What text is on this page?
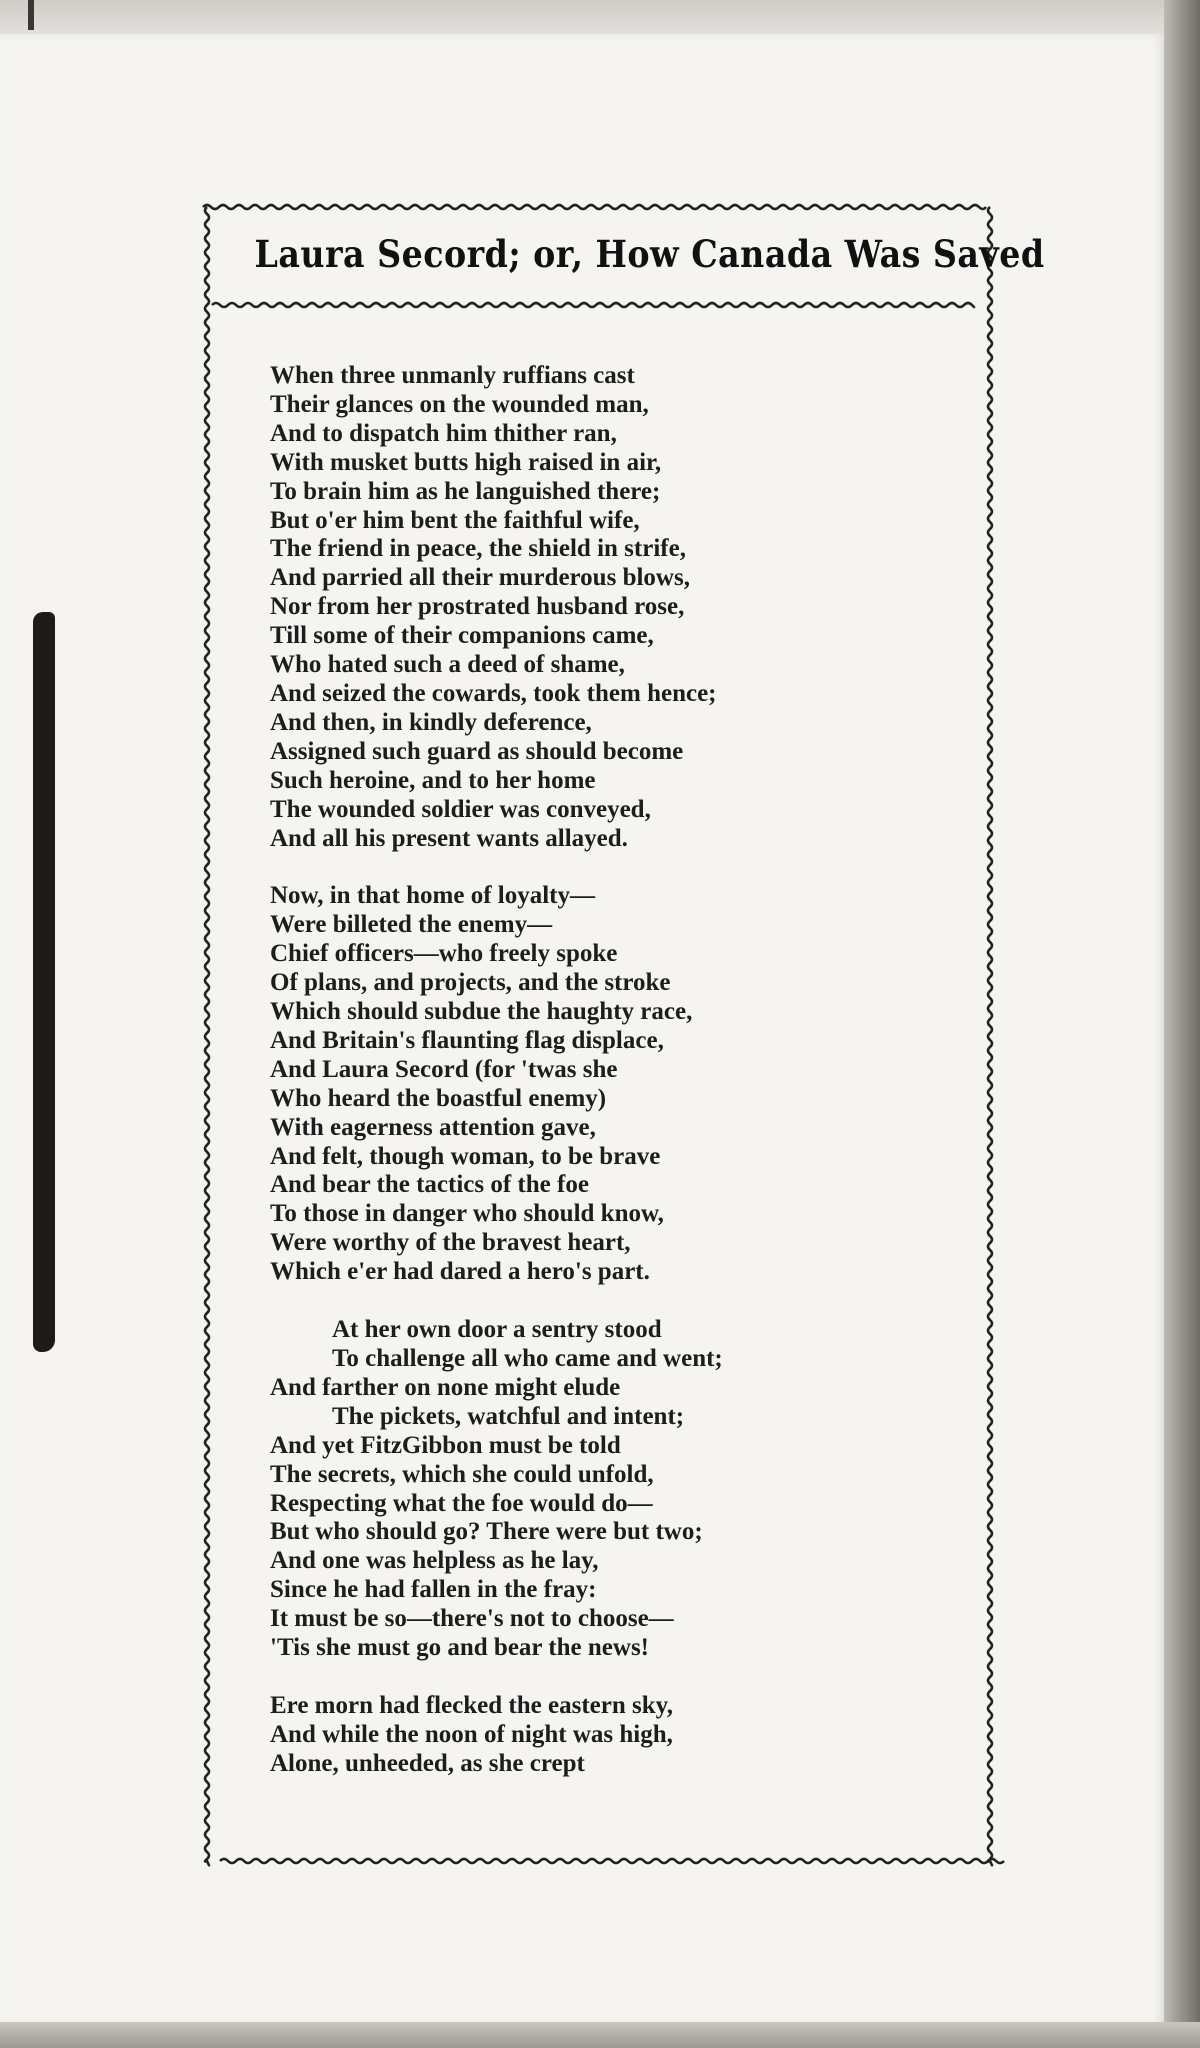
Laura Secord; or, How Canada Was Saved
When three unmanly ruffians cast
Their glances on the wounded man,
And to dispatch him thither ran,
With musket butts high raised in air,
To brain him as he languished there;
But o'er him bent the faithful wife,
The friend in peace, the shield in strife,
And parried all their murderous blows,
Nor from her prostrated husband rose,
Till some of their companions came,
Who hated such a deed of shame,
And seized the cowards, took them hence;
And then, in kindly deference,
Assigned such guard as should become
Such heroine, and to her home
The wounded soldier was conveyed,
And all his present wants allayed.
Now, in that home of loyalty—
Were billeted the enemy—
Chief officers—who freely spoke
Of plans, and projects, and the stroke
Which should subdue the haughty race,
And Britain's flaunting flag displace,
And Laura Secord (for 'twas she
Who heard the boastful enemy)
With eagerness attention gave,
And felt, though woman, to be brave
And bear the tactics of the foe
To those in danger who should know,
Were worthy of the bravest heart,
Which e'er had dared a hero's part.
At her own door a sentry stood
To challenge all who came and went;
And farther on none might elude
The pickets, watchful and intent;
And yet FitzGibbon must be told
The secrets, which she could unfold,
Respecting what the foe would do—
But who should go? There were but two;
And one was helpless as he lay,
Since he had fallen in the fray:
It must be so—there's not to choose—
'Tis she must go and bear the news!
Ere morn had flecked the eastern sky,
And while the noon of night was high,
Alone, unheeded, as she crept
